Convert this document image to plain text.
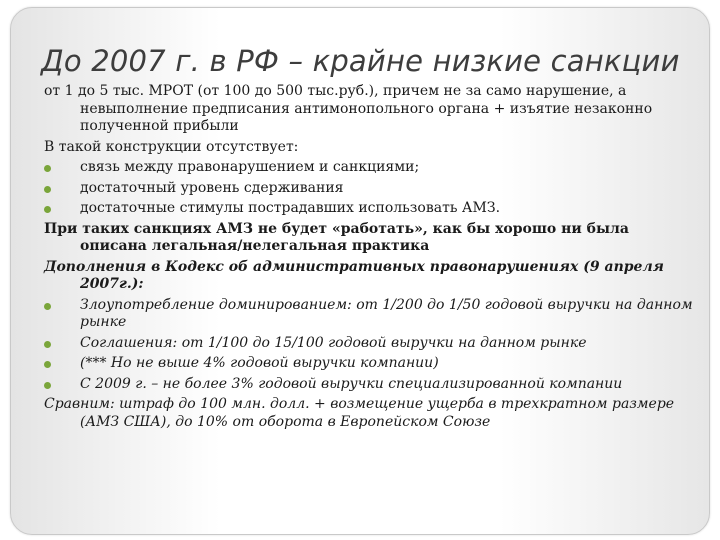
До 2007 г. в РФ – крайне низкие санкции
от 1 до 5 тыс. МРОТ (от 100 до 500 тыс.руб.), причем не за само нарушение, а невыполнение предписания антимонопольного органа + изъятие незаконно полученной прибыли
В такой конструкции отсутствует:
связь между правонарушением и санкциями;
достаточный уровень сдерживания
достаточные стимулы пострадавших использовать АМЗ.
При таких санкциях АМЗ не будет «работать», как бы хорошо ни была описана легальная/нелегальная практика
Дополнения в Кодекс об административных правонарушениях (9 апреля 2007г.):
Злоупотребление доминированием: от 1/200 до 1/50 годовой выручки на данном рынке
Соглашения: от 1/100 до 15/100 годовой выручки на данном рынке
(*** Но не выше 4% годовой выручки компании)
С 2009 г. – не более 3% годовой выручки специализированной компании
Сравним: штраф до 100 млн. долл. + возмещение ущерба в трехкратном размере (АМЗ США), до 10% от оборота в Европейском Союзе
